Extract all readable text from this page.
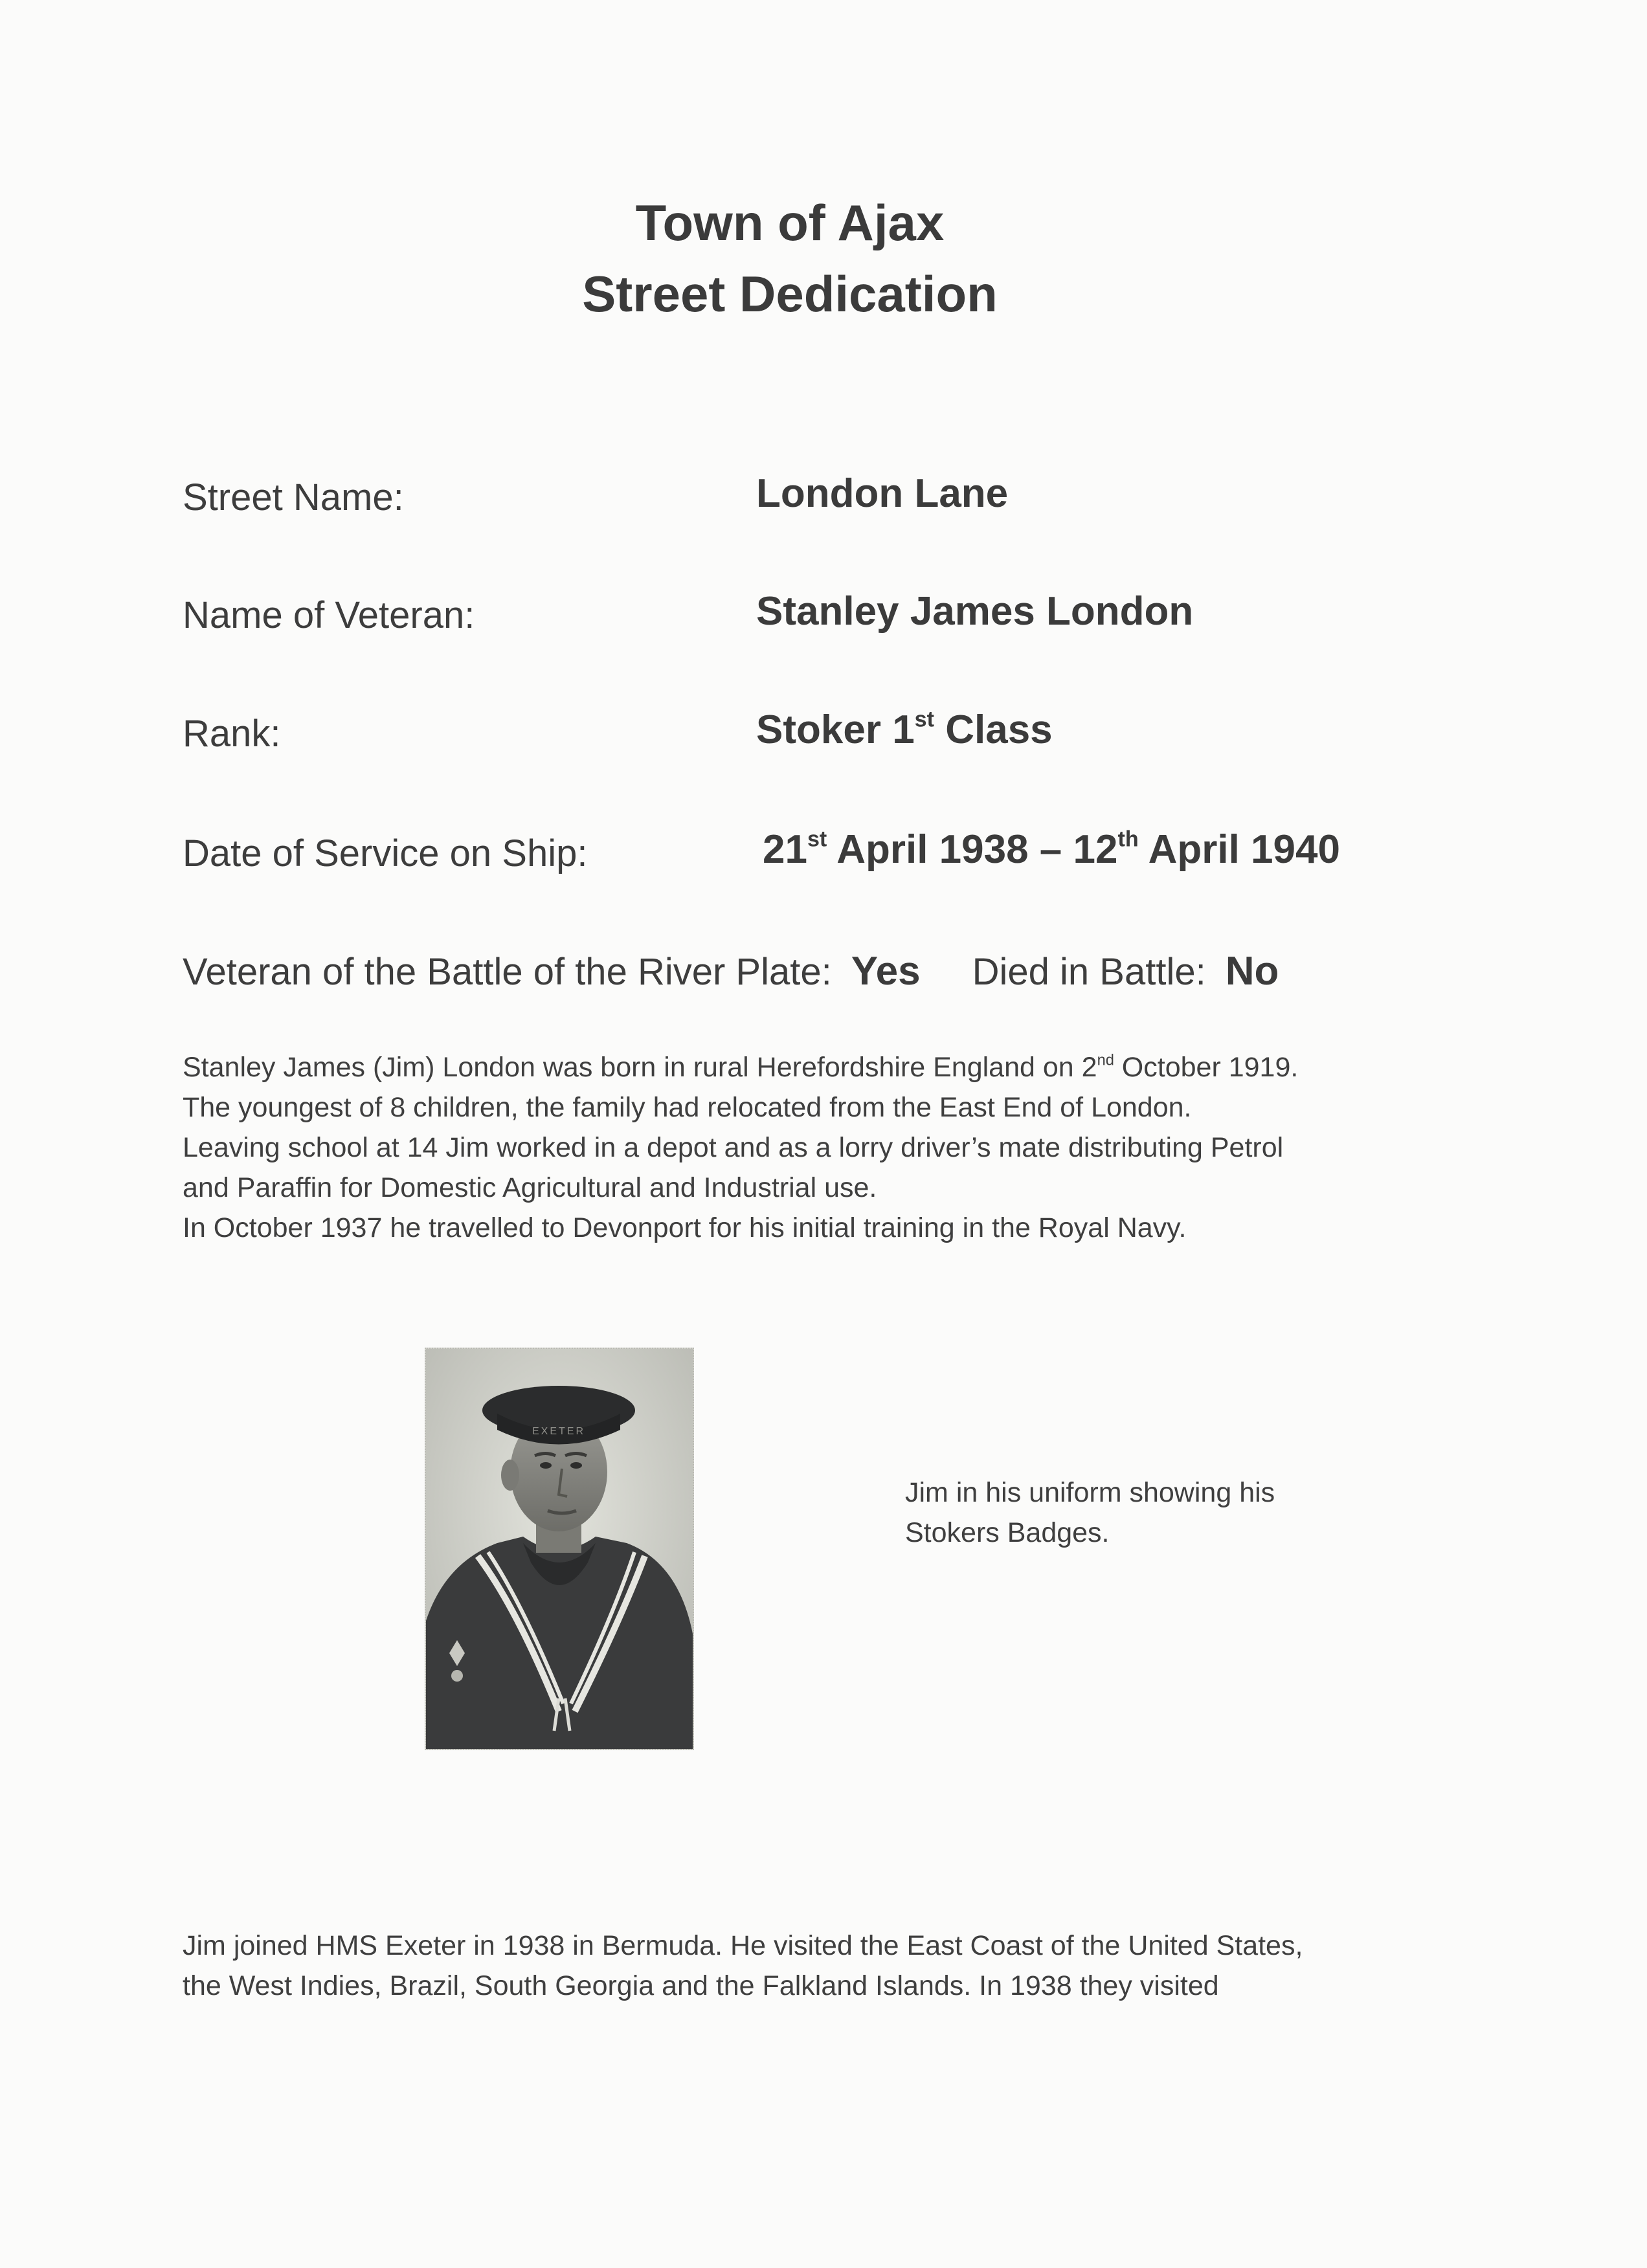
Town of Ajax
Street Dedication
Street Name:	London Lane
Name of Veteran:	Stanley James London
Rank:	Stoker 1st Class
Date of Service on Ship:	21st April 1938 – 12th April 1940
Veteran of the Battle of the River Plate: Yes Died in Battle: No

Stanley James (Jim) London was born in rural Herefordshire England on 2nd October 1919.

The youngest of 8 children, the family had relocated from the East End of London.

Leaving school at 14 Jim worked in a depot and as a lorry driver’s mate distributing Petrol

and Paraffin for Domestic Agricultural and Industrial use.

In October 1937 he travelled to Devonport for his initial training in the Royal Navy.

EXETER

Jim in his uniform showing his

Stokers Badges.

Jim joined HMS Exeter in 1938 in Bermuda. He visited the East Coast of the United States,

the West Indies, Brazil, South Georgia and the Falkland Islands. In 1938 they visited
